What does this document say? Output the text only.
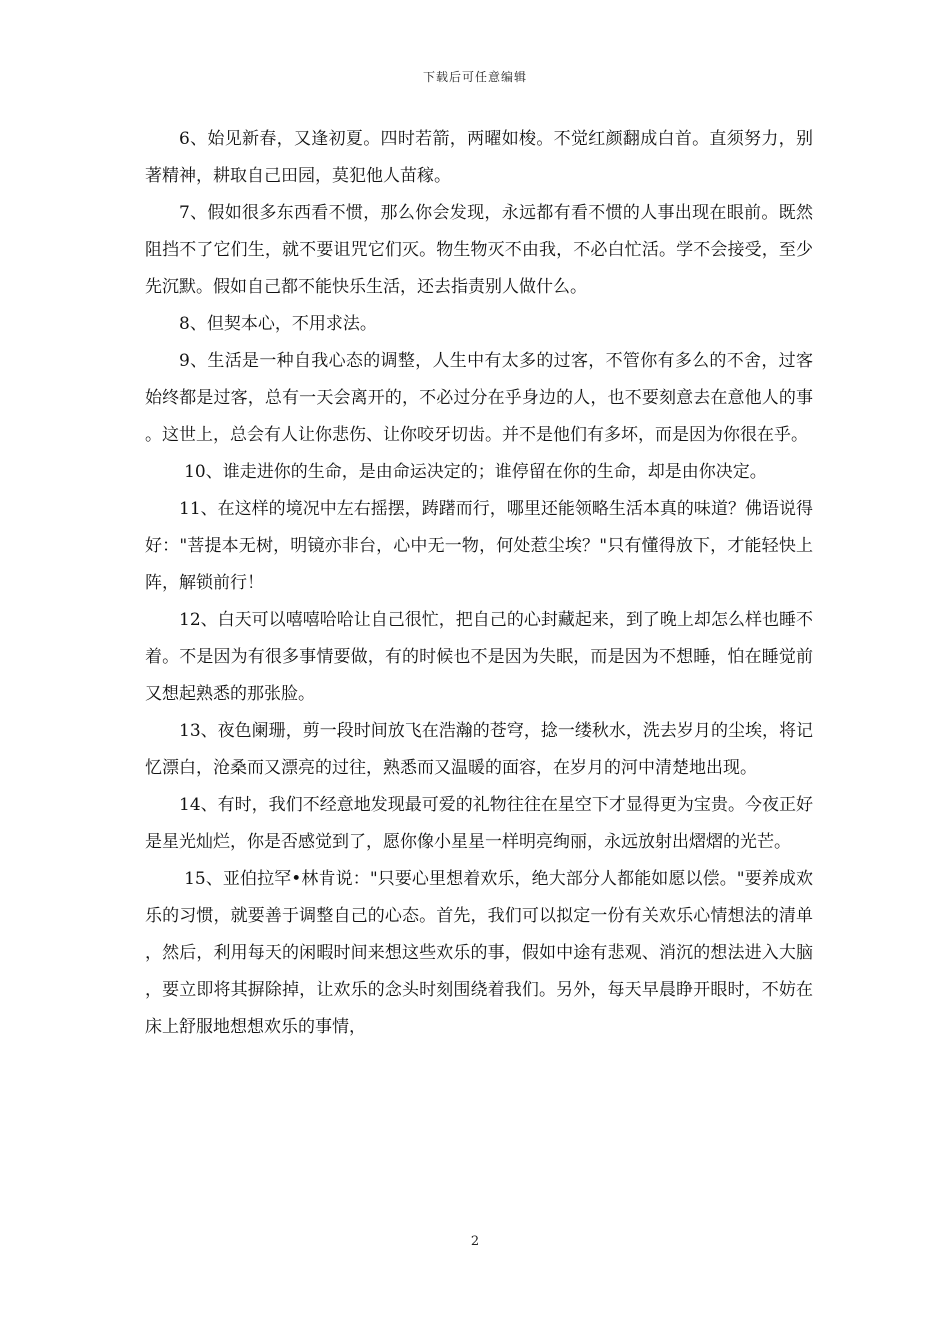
下载后可任意编辑

6、始见新春，又逢初夏。四时若箭，两曜如梭。不觉红颜翻成白首。直须努力，别著精神，耕取自己田园，莫犯他人苗稼。

7、假如很多东西看不惯，那么你会发现，永远都有看不惯的人事出现在眼前。既然阻挡不了它们生，就不要诅咒它们灭。物生物灭不由我，不必白忙活。学不会接受，至少先沉默。假如自己都不能快乐生活，还去指责别人做什么。

8、但契本心，不用求法。

9、生活是一种自我心态的调整，人生中有太多的过客，不管你有多么的不舍，过客始终都是过客，总有一天会离开的，不必过分在乎身边的人，也不要刻意去在意他人的事。这世上，总会有人让你悲伤、让你咬牙切齿。并不是他们有多坏，而是因为你很在乎。

10、谁走进你的生命，是由命运决定的；谁停留在你的生命，却是由你决定。

11、在这样的境况中左右摇摆，踌躇而行，哪里还能领略生活本真的味道？佛语说得好："菩提本无树，明镜亦非台，心中无一物，何处惹尘埃？"只有懂得放下，才能轻快上阵，解锁前行！

12、白天可以嘻嘻哈哈让自己很忙，把自己的心封藏起来，到了晚上却怎么样也睡不着。不是因为有很多事情要做，有的时候也不是因为失眠，而是因为不想睡，怕在睡觉前又想起熟悉的那张脸。

13、夜色阑珊，剪一段时间放飞在浩瀚的苍穹，捻一缕秋水，洗去岁月的尘埃，将记忆漂白，沧桑而又漂亮的过往，熟悉而又温暖的面容，在岁月的河中清楚地出现。

14、有时，我们不经意地发现最可爱的礼物往往在星空下才显得更为宝贵。今夜正好是星光灿烂，你是否感觉到了，愿你像小星星一样明亮绚丽，永远放射出熠熠的光芒。

15、亚伯拉罕•林肯说："只要心里想着欢乐，绝大部分人都能如愿以偿。"要养成欢乐的习惯，就要善于调整自己的心态。首先，我们可以拟定一份有关欢乐心情想法的清单，然后，利用每天的闲暇时间来想这些欢乐的事，假如中途有悲观、消沉的想法进入大脑，要立即将其摒除掉，让欢乐的念头时刻围绕着我们。另外，每天早晨睁开眼时，不妨在床上舒服地想想欢乐的事情，

2
